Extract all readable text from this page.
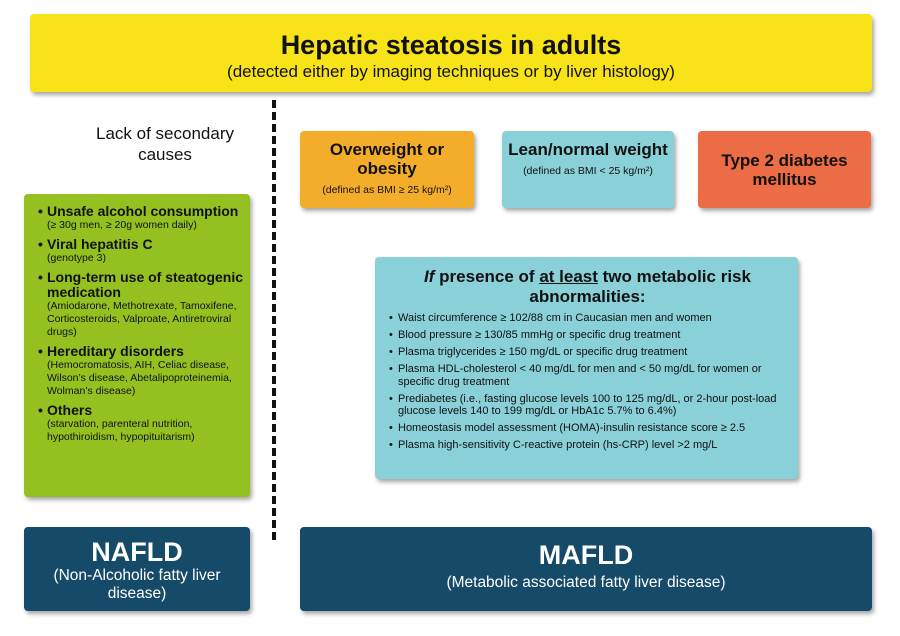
Hepatic steatosis in adults
(detected either by imaging techniques or by liver histology)
Lack of secondary causes
• Unsafe alcohol consumption
(≥ 30g men, ≥ 20g women daily)
• Viral hepatitis C
(genotype 3)
• Long-term use of steatogenic medication
(Amiodarone, Methotrexate, Tamoxifene, Corticosteroids, Valproate, Antiretroviral drugs)
• Hereditary disorders
(Hemocromatosis, AIH, Celiac disease, Wilson’s disease, Abetalipoproteinemia, Wolman’s disease)
• Others
(starvation, parenteral nutrition, hypothiroidism, hypopituitarism)
Overweight or obesity
(defined as BMI ≥ 25 kg/m²)
Lean/normal weight
(defined as BMI < 25 kg/m²)
Type 2 diabetes mellitus
If presence of at least two metabolic risk abnormalities:
• Waist circumference ≥ 102/88 cm in Caucasian men and women
• Blood pressure ≥ 130/85 mmHg or specific drug treatment
• Plasma triglycerides ≥ 150 mg/dL or specific drug treatment
• Plasma HDL-cholesterol < 40 mg/dL for men and < 50 mg/dL for women or specific drug treatment
• Prediabetes (i.e., fasting glucose levels 100 to 125 mg/dL, or 2-hour post-load glucose levels 140 to 199 mg/dL or HbA1c 5.7% to 6.4%)
• Homeostasis model assessment (HOMA)-insulin resistance score ≥ 2.5
• Plasma high-sensitivity C-reactive protein (hs-CRP) level >2 mg/L
NAFLD
(Non-Alcoholic fatty liver disease)
MAFLD
(Metabolic associated fatty liver disease)
